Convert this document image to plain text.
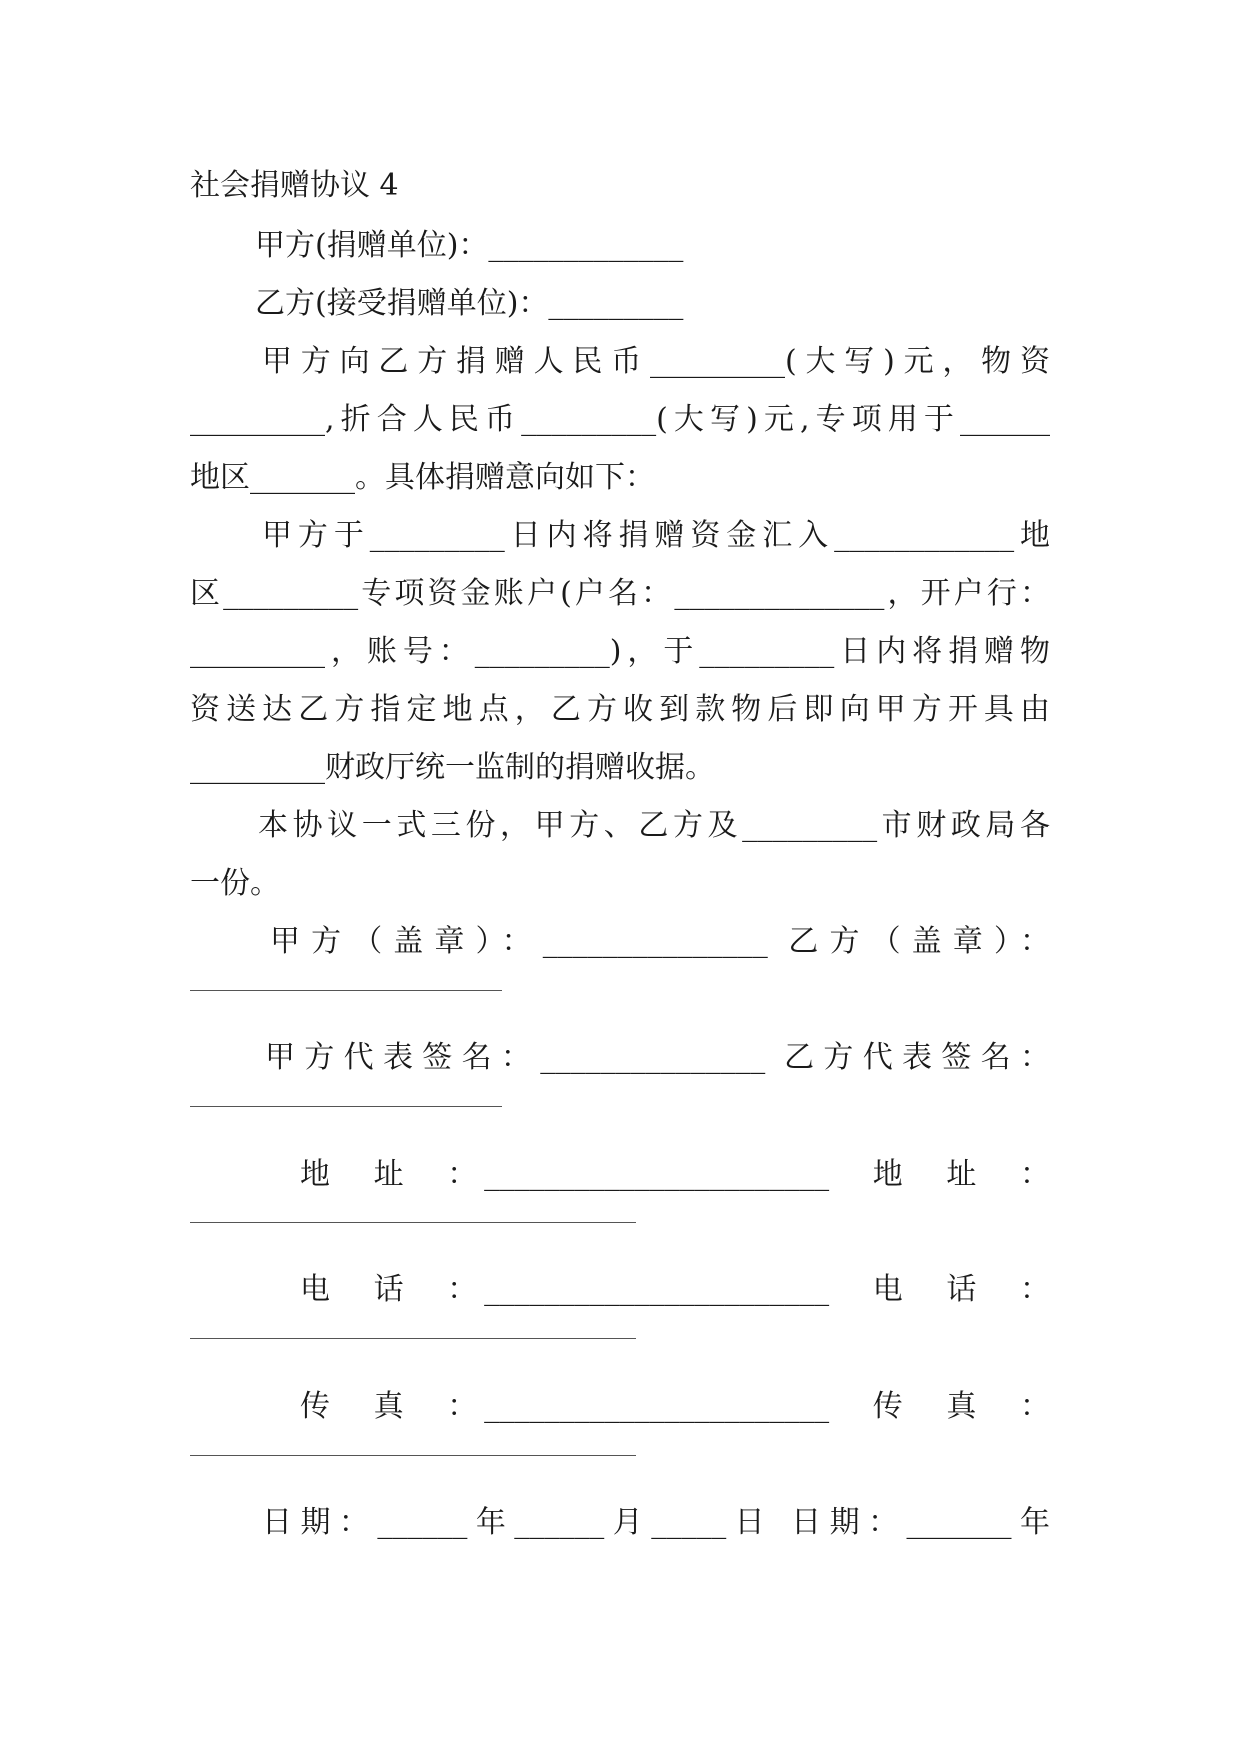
社会捐赠协议 4
甲方(捐赠单位)：_____________
乙方(接受捐赠单位)：_________
甲方向乙方捐赠人民币_________(大写)元，物资
_________,折合人民币_________(大写)元,专项用于______
地区_______。具体捐赠意向如下：
甲方于_________日内将捐赠资金汇入____________地
区_________专项资金账户(户名：______________，开户行：
_________，账号：_________)，于_________日内将捐赠物
资送达乙方指定地点，乙方收到款物后即向甲方开具由
_________财政厅统一监制的捐赠收据。
本协议一式三份，甲方、乙方及_________市财政局各
一份。
甲方（盖章）：_______________ 乙方（盖章）：
甲方代表签名：_______________ 乙方代表签名：
地　址　：_______________________　地　址　：
电　话　：_______________________　电　话　：
传　真　：_______________________　传　真　：
日期：______年______月_____日 日期：_______年
